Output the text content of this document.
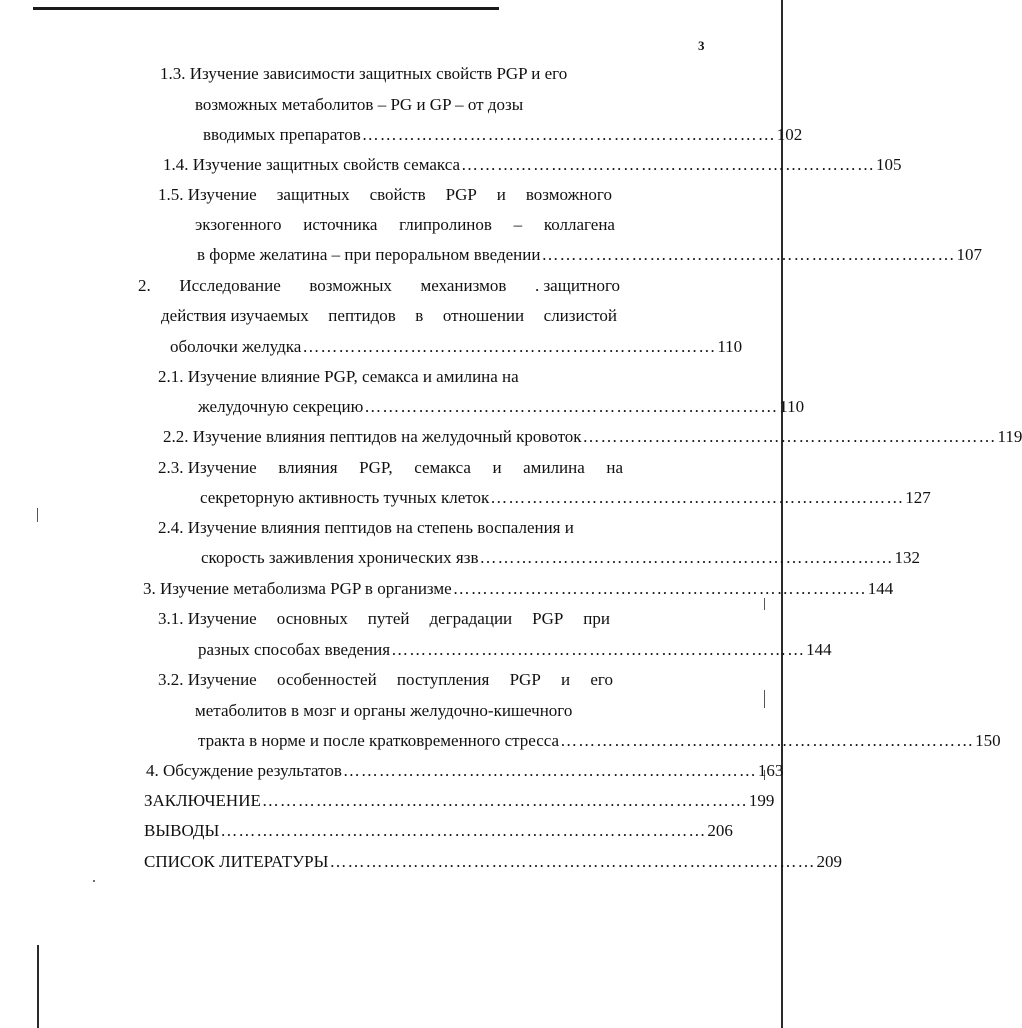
3
1.3. Изучение зависимости защитных свойств PGP и его
возможных метаболитов – PG и GP – от дозы
вводимых препаратов …………………………………………………………… 102
1.4. Изучение защитных свойств семакса …………………………………………………………… 105
1.5. Изучение защитных свойств PGP и возможного
экзогенного источника глипролинов – коллагена
в форме желатина – при пероральном введении …………………………………………………………… 107
2. Исследование возможных механизмов . защитного
действия изучаемых пептидов в отношении слизистой
оболочки желудка …………………………………………………………… 110
2.1. Изучение влияние PGP, семакса и амилина на
желудочную секрецию …………………………………………………………… 110
2.2. Изучение влияния пептидов на желудочный кровоток …………………………………………………………… 119
2.3. Изучение влияния PGP, семакса и амилина на
секреторную активность тучных клеток …………………………………………………………… 127
2.4. Изучение влияния пептидов на степень воспаления и
скорость заживления хронических язв …………………………………………………………… 132
3. Изучение метаболизма PGP в организме …………………………………………………………… 144
3.1. Изучение основных путей деградации PGP при
разных способах введения …………………………………………………………… 144
3.2. Изучение особенностей поступления PGP и его
метаболитов в мозг и органы желудочно-кишечного
тракта в норме и после кратковременного стресса …………………………………………………………… 150
4. Обсуждение результатов …………………………………………………………… 163
ЗАКЛЮЧЕНИЕ ……………………………………………………………………… 199
ВЫВОДЫ ……………………………………………………………………… 206
СПИСОК ЛИТЕРАТУРЫ ……………………………………………………………………… 209
